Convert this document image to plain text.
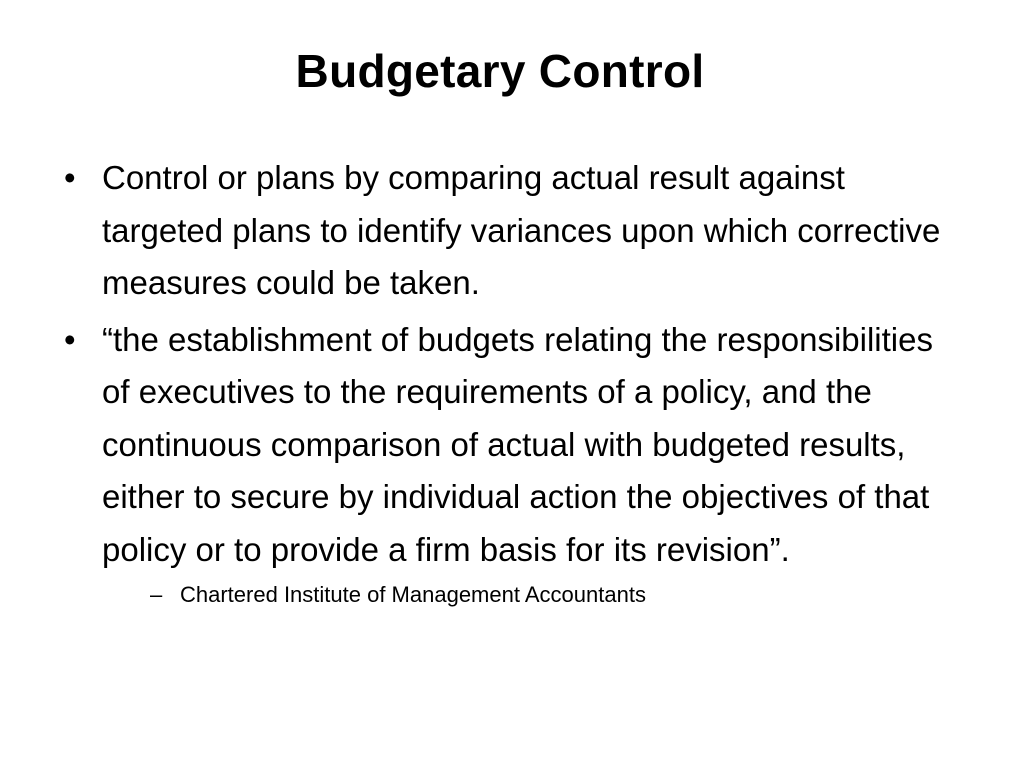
Budgetary Control
• Control or plans by comparing actual result against targeted plans to identify variances upon which corrective measures could be taken.
• “the establishment of budgets relating the responsibilities of executives to the requirements of a policy, and the continuous comparison of actual with budgeted results, either to secure by individual action the objectives of that policy or to provide a firm basis for its revision”.
– Chartered Institute of Management Accountants
